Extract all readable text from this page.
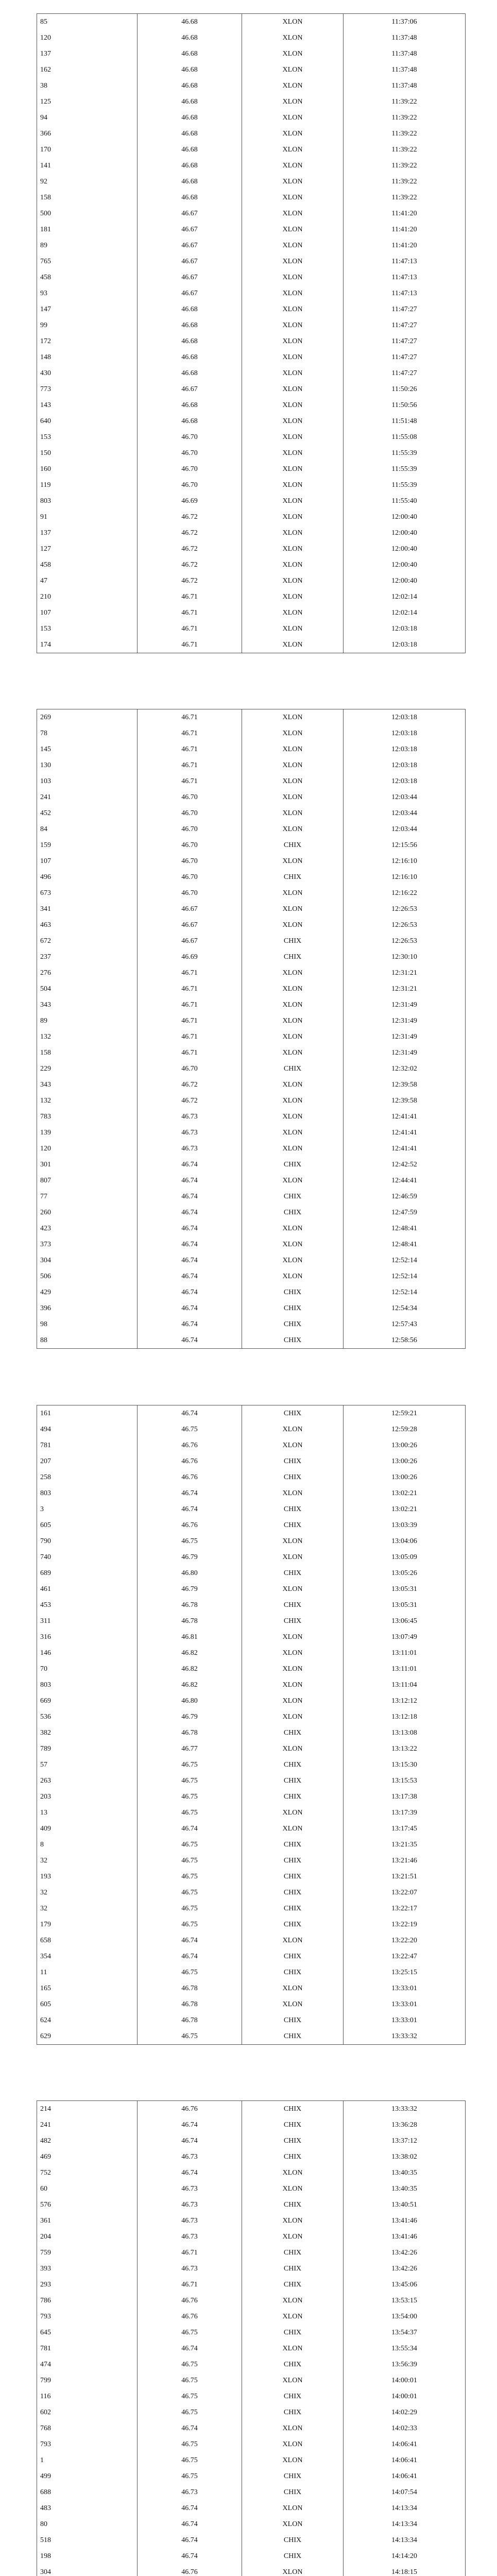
85	46.68	XLON	11:37:06
120	46.68	XLON	11:37:48
137	46.68	XLON	11:37:48
162	46.68	XLON	11:37:48
38	46.68	XLON	11:37:48
125	46.68	XLON	11:39:22
94	46.68	XLON	11:39:22
366	46.68	XLON	11:39:22
170	46.68	XLON	11:39:22
141	46.68	XLON	11:39:22
92	46.68	XLON	11:39:22
158	46.68	XLON	11:39:22
500	46.67	XLON	11:41:20
181	46.67	XLON	11:41:20
89	46.67	XLON	11:41:20
765	46.67	XLON	11:47:13
458	46.67	XLON	11:47:13
93	46.67	XLON	11:47:13
147	46.68	XLON	11:47:27
99	46.68	XLON	11:47:27
172	46.68	XLON	11:47:27
148	46.68	XLON	11:47:27
430	46.68	XLON	11:47:27
773	46.67	XLON	11:50:26
143	46.68	XLON	11:50:56
640	46.68	XLON	11:51:48
153	46.70	XLON	11:55:08
150	46.70	XLON	11:55:39
160	46.70	XLON	11:55:39
119	46.70	XLON	11:55:39
803	46.69	XLON	11:55:40
91	46.72	XLON	12:00:40
137	46.72	XLON	12:00:40
127	46.72	XLON	12:00:40
458	46.72	XLON	12:00:40
47	46.72	XLON	12:00:40
210	46.71	XLON	12:02:14
107	46.71	XLON	12:02:14
153	46.71	XLON	12:03:18
174	46.71	XLON	12:03:18
269	46.71	XLON	12:03:18
78	46.71	XLON	12:03:18
145	46.71	XLON	12:03:18
130	46.71	XLON	12:03:18
103	46.71	XLON	12:03:18
241	46.70	XLON	12:03:44
452	46.70	XLON	12:03:44
84	46.70	XLON	12:03:44
159	46.70	CHIX	12:15:56
107	46.70	XLON	12:16:10
496	46.70	CHIX	12:16:10
673	46.70	XLON	12:16:22
341	46.67	XLON	12:26:53
463	46.67	XLON	12:26:53
672	46.67	CHIX	12:26:53
237	46.69	CHIX	12:30:10
276	46.71	XLON	12:31:21
504	46.71	XLON	12:31:21
343	46.71	XLON	12:31:49
89	46.71	XLON	12:31:49
132	46.71	XLON	12:31:49
158	46.71	XLON	12:31:49
229	46.70	CHIX	12:32:02
343	46.72	XLON	12:39:58
132	46.72	XLON	12:39:58
783	46.73	XLON	12:41:41
139	46.73	XLON	12:41:41
120	46.73	XLON	12:41:41
301	46.74	CHIX	12:42:52
807	46.74	XLON	12:44:41
77	46.74	CHIX	12:46:59
260	46.74	CHIX	12:47:59
423	46.74	XLON	12:48:41
373	46.74	XLON	12:48:41
304	46.74	XLON	12:52:14
506	46.74	XLON	12:52:14
429	46.74	CHIX	12:52:14
396	46.74	CHIX	12:54:34
98	46.74	CHIX	12:57:43
88	46.74	CHIX	12:58:56
161	46.74	CHIX	12:59:21
494	46.75	XLON	12:59:28
781	46.76	XLON	13:00:26
207	46.76	CHIX	13:00:26
258	46.76	CHIX	13:00:26
803	46.74	XLON	13:02:21
3	46.74	CHIX	13:02:21
605	46.76	CHIX	13:03:39
790	46.75	XLON	13:04:06
740	46.79	XLON	13:05:09
689	46.80	CHIX	13:05:26
461	46.79	XLON	13:05:31
453	46.78	CHIX	13:05:31
311	46.78	CHIX	13:06:45
316	46.81	XLON	13:07:49
146	46.82	XLON	13:11:01
70	46.82	XLON	13:11:01
803	46.82	XLON	13:11:04
669	46.80	XLON	13:12:12
536	46.79	XLON	13:12:18
382	46.78	CHIX	13:13:08
789	46.77	XLON	13:13:22
57	46.75	CHIX	13:15:30
263	46.75	CHIX	13:15:53
203	46.75	CHIX	13:17:38
13	46.75	XLON	13:17:39
409	46.74	XLON	13:17:45
8	46.75	CHIX	13:21:35
32	46.75	CHIX	13:21:46
193	46.75	CHIX	13:21:51
32	46.75	CHIX	13:22:07
32	46.75	CHIX	13:22:17
179	46.75	CHIX	13:22:19
658	46.74	XLON	13:22:20
354	46.74	CHIX	13:22:47
11	46.75	CHIX	13:25:15
165	46.78	XLON	13:33:01
605	46.78	XLON	13:33:01
624	46.78	CHIX	13:33:01
629	46.75	CHIX	13:33:32
214	46.76	CHIX	13:33:32
241	46.74	CHIX	13:36:28
482	46.74	CHIX	13:37:12
469	46.73	CHIX	13:38:02
752	46.74	XLON	13:40:35
60	46.73	XLON	13:40:35
576	46.73	CHIX	13:40:51
361	46.73	XLON	13:41:46
204	46.73	XLON	13:41:46
759	46.71	CHIX	13:42:26
393	46.73	CHIX	13:42:26
293	46.71	CHIX	13:45:06
786	46.76	XLON	13:53:15
793	46.76	XLON	13:54:00
645	46.75	CHIX	13:54:37
781	46.74	XLON	13:55:34
474	46.75	CHIX	13:56:39
799	46.75	XLON	14:00:01
116	46.75	CHIX	14:00:01
602	46.75	CHIX	14:02:29
768	46.74	XLON	14:02:33
793	46.75	XLON	14:06:41
1	46.75	XLON	14:06:41
499	46.75	CHIX	14:06:41
688	46.73	CHIX	14:07:54
483	46.74	XLON	14:13:34
80	46.74	XLON	14:13:34
518	46.74	CHIX	14:13:34
198	46.74	CHIX	14:14:20
304	46.76	XLON	14:18:15
